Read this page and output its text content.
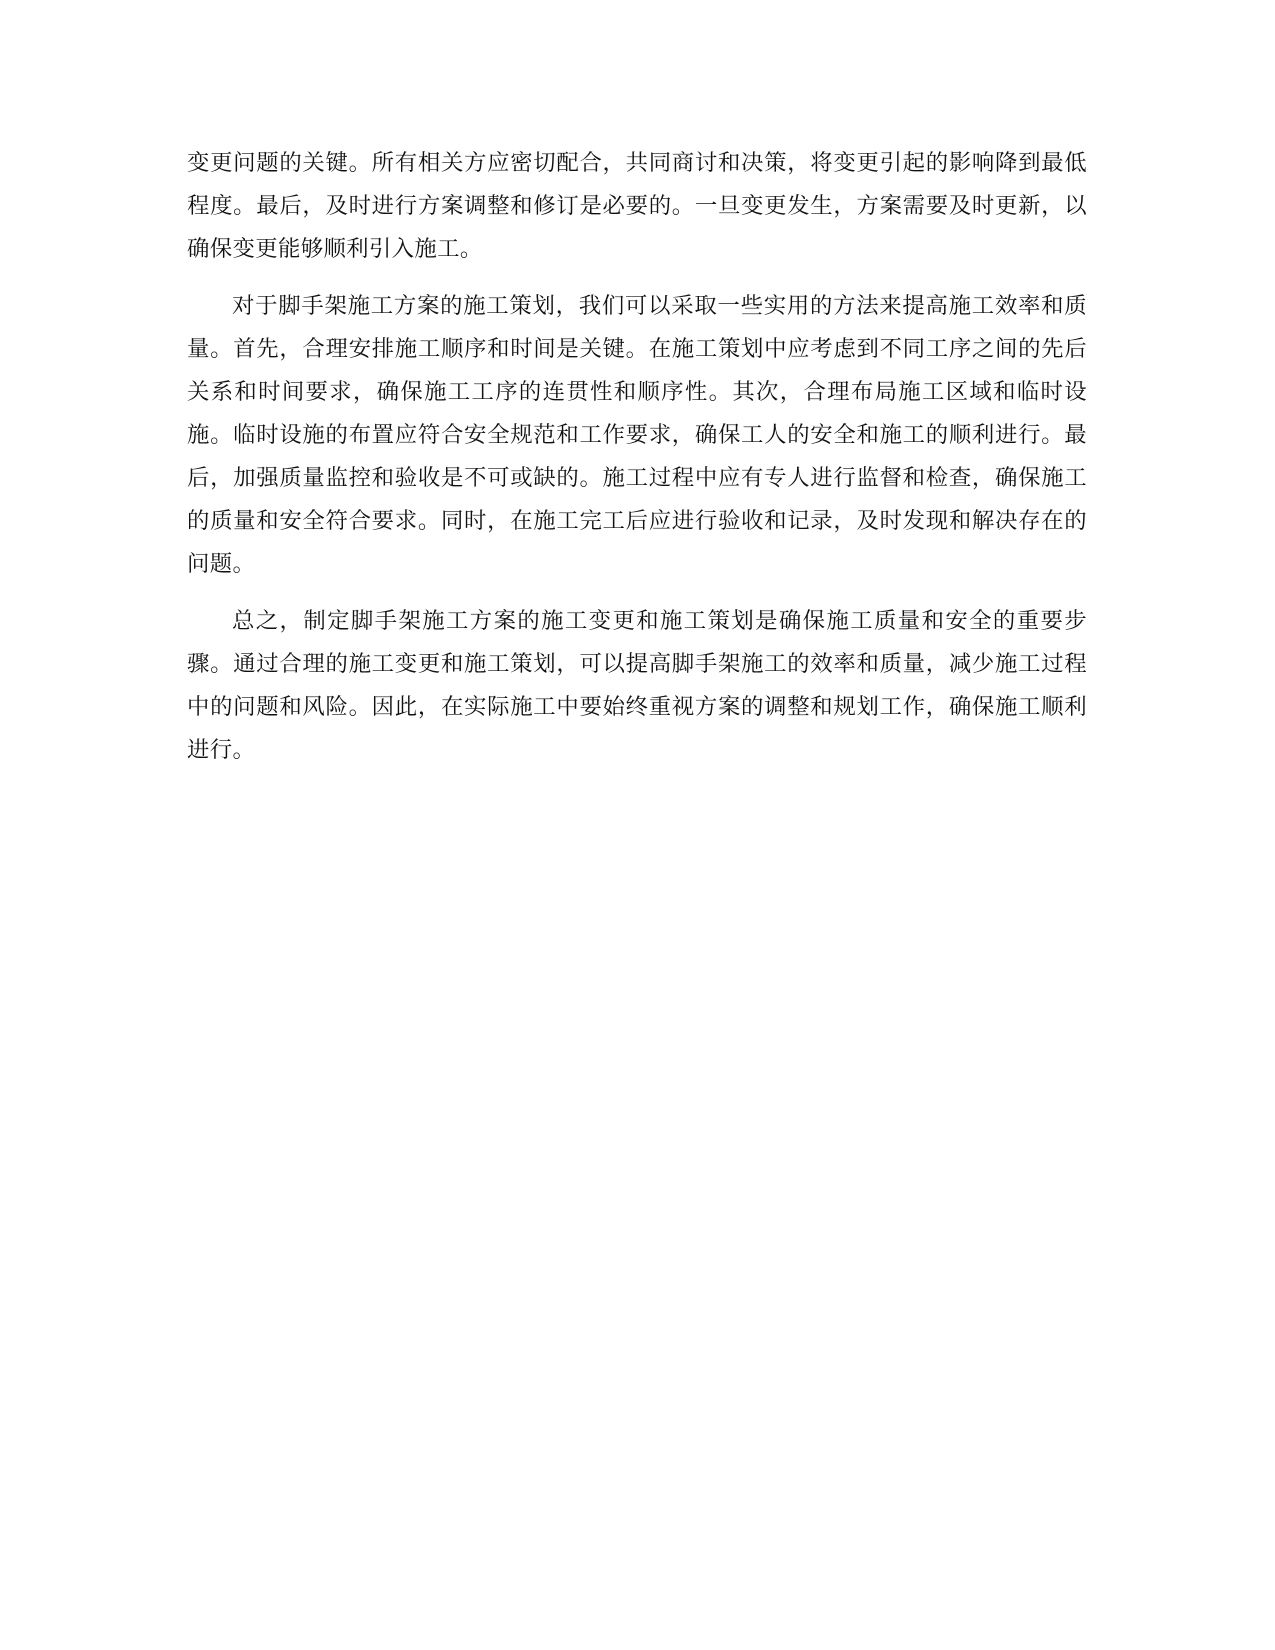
变更问题的关键。所有相关方应密切配合，共同商讨和决策，将变更引起的影响降到最低程度。最后，及时进行方案调整和修订是必要的。一旦变更发生，方案需要及时更新，以确保变更能够顺利引入施工。

对于脚手架施工方案的施工策划，我们可以采取一些实用的方法来提高施工效率和质量。首先，合理安排施工顺序和时间是关键。在施工策划中应考虑到不同工序之间的先后关系和时间要求，确保施工工序的连贯性和顺序性。其次，合理布局施工区域和临时设施。临时设施的布置应符合安全规范和工作要求，确保工人的安全和施工的顺利进行。最后，加强质量监控和验收是不可或缺的。施工过程中应有专人进行监督和检查，确保施工的质量和安全符合要求。同时，在施工完工后应进行验收和记录，及时发现和解决存在的问题。

总之，制定脚手架施工方案的施工变更和施工策划是确保施工质量和安全的重要步骤。通过合理的施工变更和施工策划，可以提高脚手架施工的效率和质量，减少施工过程中的问题和风险。因此，在实际施工中要始终重视方案的调整和规划工作，确保施工顺利进行。
